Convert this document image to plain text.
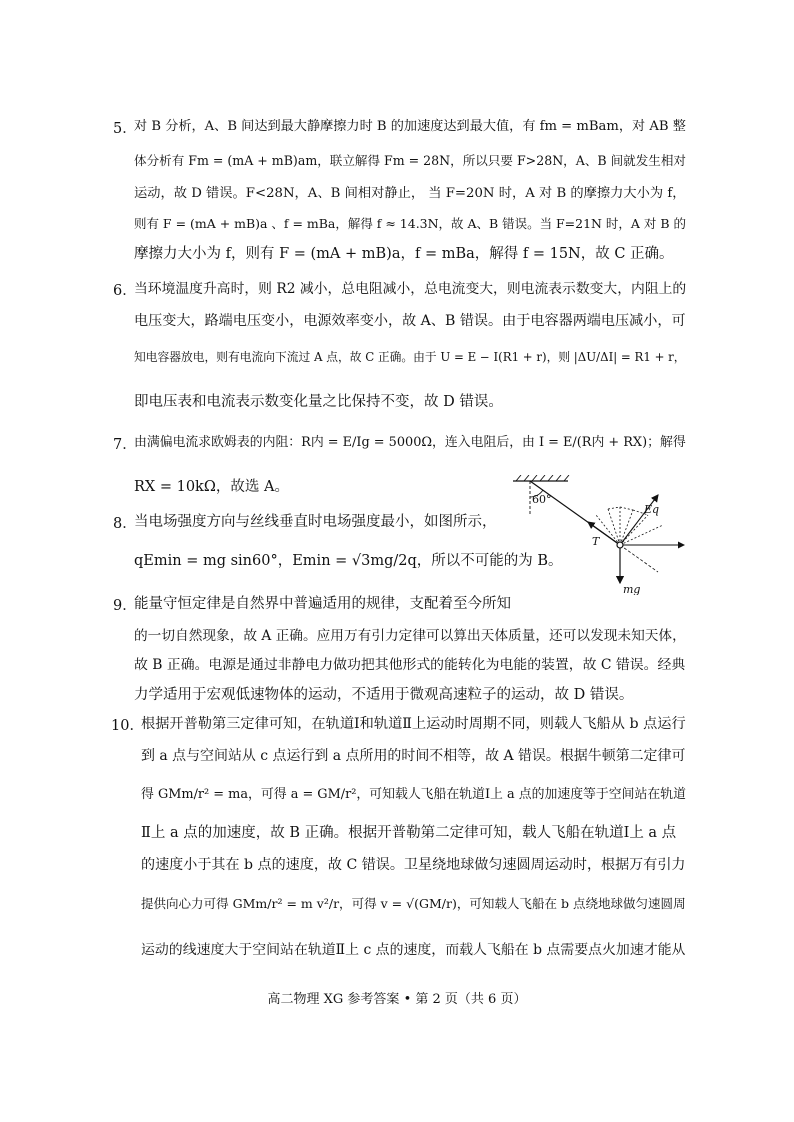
5．
对 B 分析，A、B 间达到最大静摩擦力时 B 的加速度达到最大值，有 fm = mBam，对 AB 整
体分析有 Fm = (mA + mB)am，联立解得 Fm = 28N，所以只要 F>28N，A、B 间就发生相对
运动，故 D 错误。F<28N，A、B 间相对静止， 当 F=20N 时，A 对 B 的摩擦力大小为 f，
则有 F = (mA + mB)a 、f = mBa，解得 f ≈ 14.3N，故 A、B 错误。当 F=21N 时，A 对 B 的
摩擦力大小为 f，则有 F = (mA + mB)a，f = mBa，解得 f = 15N，故 C 正确。
6．
当环境温度升高时，则 R2 减小，总电阻减小，总电流变大，则电流表示数变大，内阻上的
电压变大，路端电压变小，电源效率变小，故 A、B 错误。由于电容器两端电压减小，可
知电容器放电，则有电流向下流过 A 点，故 C 正确。由于 U = E − I(R1 + r)，则 |ΔU/ΔI| = R1 + r，
即电压表和电流表示数变化量之比保持不变，故 D 错误。
7．
由满偏电流求欧姆表的内阻：R内 = E/Ig = 5000Ω，连入电阻后，由 I = E/(R内 + RX)；解得
RX = 10kΩ，故选 A。
8．
当电场强度方向与丝线垂直时电场强度最小，如图所示，
qEmin = mg sin60°，Emin = √3mg/2q，所以不可能的为 B。
60°
Eq
T
mg
9．
能量守恒定律是自然界中普遍适用的规律，支配着至今所知
的一切自然现象，故 A 正确。应用万有引力定律可以算出天体质量，还可以发现未知天体，
故 B 正确。电源是通过非静电力做功把其他形式的能转化为电能的装置，故 C 错误。经典
力学适用于宏观低速物体的运动，不适用于微观高速粒子的运动，故 D 错误。
10．
根据开普勒第三定律可知，在轨道Ⅰ和轨道Ⅱ上运动时周期不同，则载人飞船从 b 点运行
到 a 点与空间站从 c 点运行到 a 点所用的时间不相等，故 A 错误。根据牛顿第二定律可
得 GMm/r² = ma，可得 a = GM/r²，可知载人飞船在轨道Ⅰ上 a 点的加速度等于空间站在轨道
Ⅱ上 a 点的加速度，故 B 正确。根据开普勒第二定律可知，载人飞船在轨道Ⅰ上 a 点
的速度小于其在 b 点的速度，故 C 错误。卫星绕地球做匀速圆周运动时，根据万有引力
提供向心力可得 GMm/r² = m v²/r，可得 v = √(GM/r)，可知载人飞船在 b 点绕地球做匀速圆周
运动的线速度大于空间站在轨道Ⅱ上 c 点的速度，而载人飞船在 b 点需要点火加速才能从
高二物理 XG 参考答案 • 第 2 页（共 6 页）
